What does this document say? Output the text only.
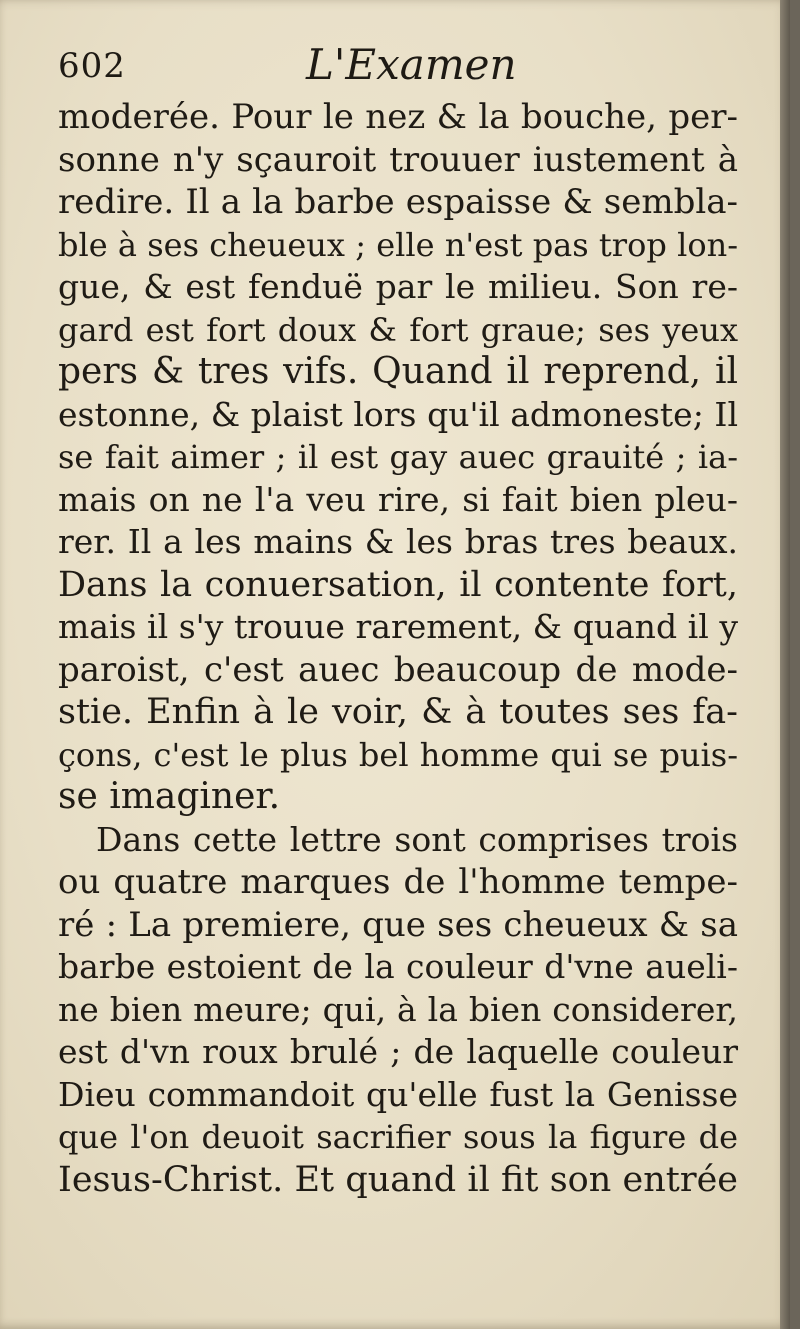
602	L'Examen
moderée. Pour le nez & la bouche, per-
sonne n'y sçauroit trouuer iustement à
redire. Il a la barbe espaisse & sembla-
ble à ses cheueux ; elle n'est pas trop lon-
gue, & est fenduë par le milieu. Son re-
gard est fort doux & fort graue; ses yeux
pers & tres vifs. Quand il reprend, il
estonne, & plaist lors qu'il admoneste; Il
se fait aimer ; il est gay auec grauité ; ia-
mais on ne l'a veu rire, si fait bien pleu-
rer. Il a les mains & les bras tres beaux.
Dans la conuersation, il contente fort,
mais il s'y trouue rarement, & quand il y
paroist, c'est auec beaucoup de mode-
stie. Enfin à le voir, & à toutes ses fa-
çons, c'est le plus bel homme qui se puis-
se imaginer.
Dans cette lettre sont comprises trois
ou quatre marques de l'homme tempe-
ré : La premiere, que ses cheueux & sa
barbe estoient de la couleur d'vne aueli-
ne bien meure; qui, à la bien considerer,
est d'vn roux brulé ; de laquelle couleur
Dieu commandoit qu'elle fust la Genisse
que l'on deuoit sacrifier sous la figure de
Iesus-Christ. Et quand il fit son entrée
